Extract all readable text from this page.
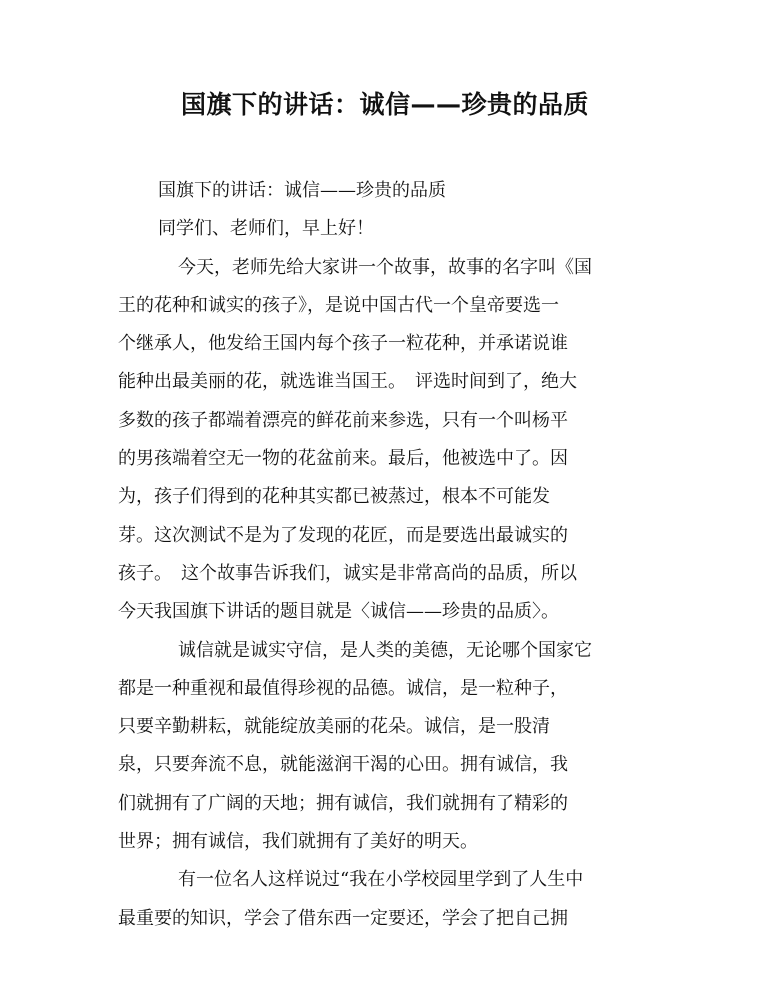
国旗下的讲话：诚信——珍贵的品质
国旗下的讲话：诚信——珍贵的品质
同学们、老师们，早上好！
今天，老师先给大家讲一个故事，故事的名字叫《国
王的花种和诚实的孩子》，是说中国古代一个皇帝要选一
个继承人，他发给王国内每个孩子一粒花种，并承诺说谁
能种出最美丽的花，就选谁当国王。　评选时间到了，绝大
多数的孩子都端着漂亮的鲜花前来参选，只有一个叫杨平
的男孩端着空无一物的花盆前来。最后，他被选中了。因
为，孩子们得到的花种其实都已被蒸过，根本不可能发
芽。这次测试不是为了发现的花匠，而是要选出最诚实的
孩子。　这个故事告诉我们，诚实是非常高尚的品质，所以
今天我国旗下讲话的题目就是〈诚信——珍贵的品质〉。
诚信就是诚实守信，是人类的美德，无论哪个国家它
都是一种重视和最值得珍视的品德。诚信，是一粒种子，
只要辛勤耕耘，就能绽放美丽的花朵。诚信，是一股清
泉，只要奔流不息，就能滋润干渴的心田。拥有诚信，我
们就拥有了广阔的天地；拥有诚信，我们就拥有了精彩的
世界；拥有诚信，我们就拥有了美好的明天。
有一位名人这样说过“我在小学校园里学到了人生中
最重要的知识，学会了借东西一定要还，学会了把自己拥
